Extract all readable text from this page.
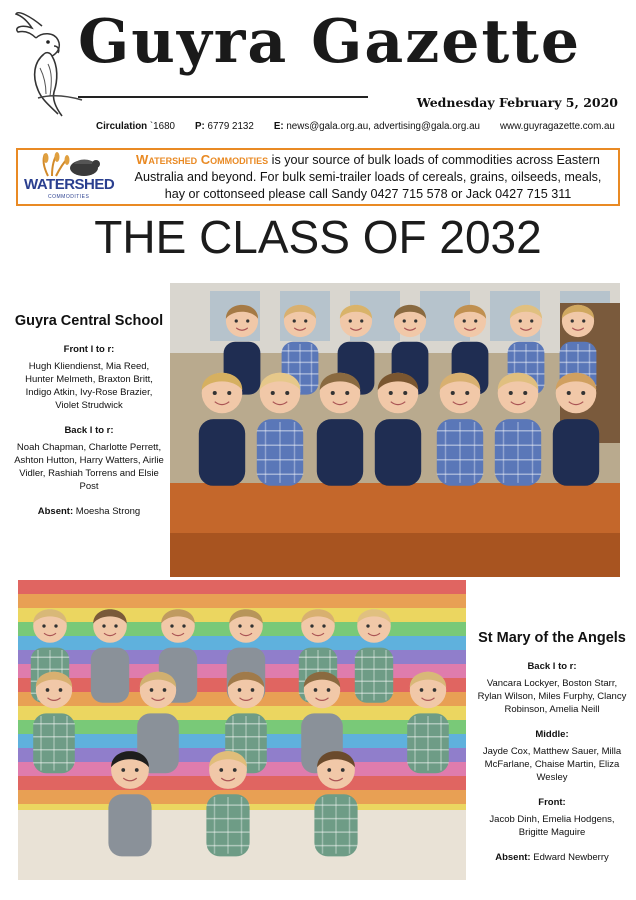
Guyra Gazette
Wednesday February 5, 2020
Circulation `1680 P: 6779 2132 E: news@gala.org.au, advertising@gala.org.au www.guyragazette.com.au
WATERSHED
COMMODITIES
Watershed Commodities is your source of bulk loads of commodities across Eastern Australia and beyond. For bulk semi-trailer loads of cereals, grains, oilseeds, meals, hay or cottonseed please call Sandy 0427 715 578 or Jack 0427 715 311
THE CLASS OF 2032
Guyra Central School
Front l to r:

Hugh Kliendienst, Mia Reed, Hunter Melmeth, Braxton Britt, Indigo Atkin, Ivy-Rose Brazier, Violet Strudwick

Back l to r:

Noah Chapman, Charlotte Perrett, Ashton Hutton, Harry Watters, Airlie Vidler, Rashiah Torrens and Elsie Post

Absent: Moesha Strong

St Mary of the Angels
Back l to r:

Vancara Lockyer, Boston Starr, Rylan Wilson, Miles Furphy, Clancy Robinson, Amelia Neill

Middle:

Jayde Cox, Matthew Sauer, Milla McFarlane, Chaise Martin, Eliza Wesley

Front:

Jacob Dinh, Emelia Hodgens, Brigitte Maguire

Absent: Edward Newberry
